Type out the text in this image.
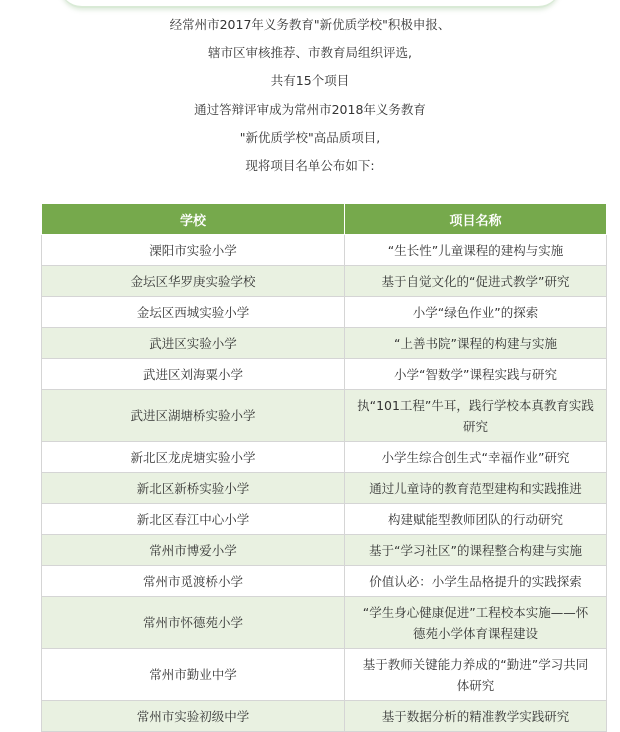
经常州市2017年义务教育"新优质学校"积极申报、
辖市区审核推荐、市教育局组织评选,
共有15个项目
通过答辩评审成为常州市2018年义务教育
"新优质学校"高品质项目,
现将项目名单公布如下:
学校	项目名称
溧阳市实验小学	“生长性”儿童课程的建构与实施
金坛区华罗庚实验学校	基于自觉文化的“促进式教学”研究
金坛区西城实验小学	小学“绿色作业”的探索
武进区实验小学	“上善书院”课程的构建与实施
武进区刘海粟小学	小学“智数学”课程实践与研究
武进区湖塘桥实验小学	执“101工程”牛耳，践行学校本真教育实践研究
新北区龙虎塘实验小学	小学生综合创生式“幸福作业”研究
新北区新桥实验小学	通过儿童诗的教育范型建构和实践推进
新北区春江中心小学	构建赋能型教师团队的行动研究
常州市博爱小学	基于“学习社区”的课程整合构建与实施
常州市觅渡桥小学	价值认必：小学生品格提升的实践探索
常州市怀德苑小学	“学生身心健康促进”工程校本实施——怀德苑小学体育课程建设
常州市勤业中学	基于教师关键能力养成的“勤进”学习共同体研究
常州市实验初级中学	基于数据分析的精准教学实践研究
